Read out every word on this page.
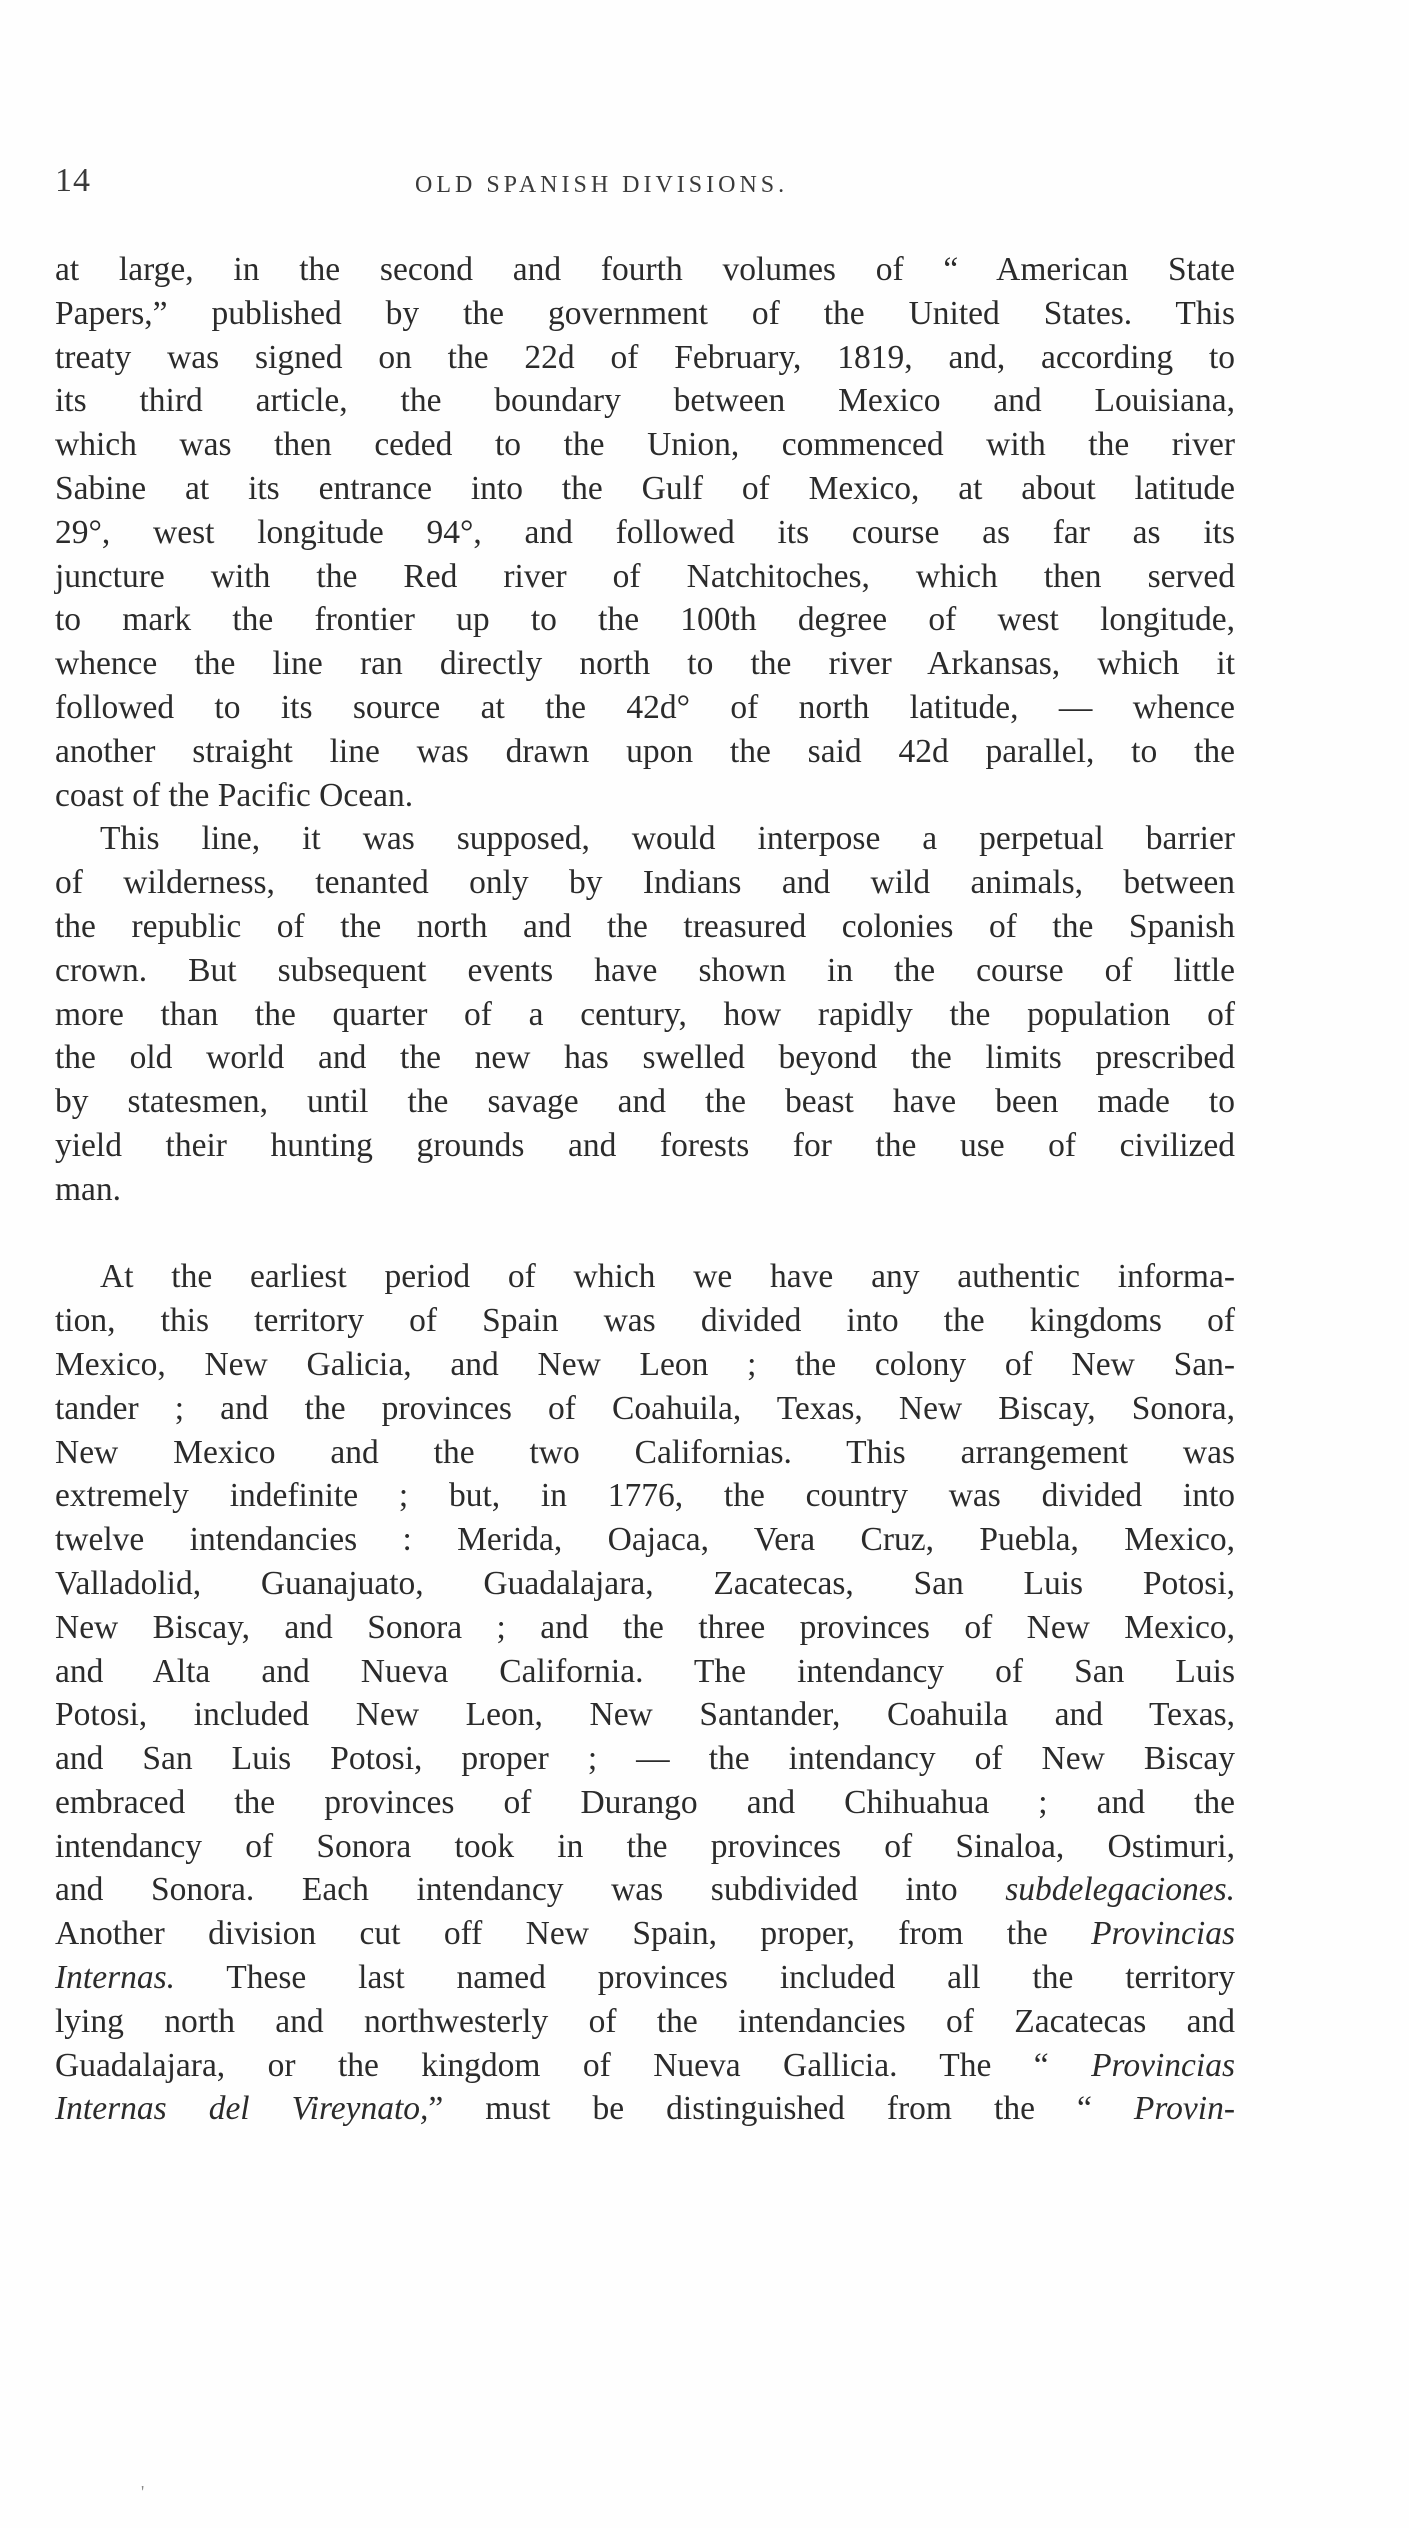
14	OLD SPANISH DIVISIONS.
at large, in the second and fourth volumes of “ American State
Papers,” published by the government of the United States. This
treaty was signed on the 22d of February, 1819, and, according to
its third article, the boundary between Mexico and Louisiana,
which was then ceded to the Union, commenced with the river
Sabine at its entrance into the Gulf of Mexico, at about latitude
29°, west longitude 94°, and followed its course as far as its
juncture with the Red river of Natchitoches, which then served
to mark the frontier up to the 100th degree of west longitude,
whence the line ran directly north to the river Arkansas, which it
followed to its source at the 42d° of north latitude, — whence
another straight line was drawn upon the said 42d parallel, to the
coast of the Pacific Ocean.
This line, it was supposed, would interpose a perpetual barrier
of wilderness, tenanted only by Indians and wild animals, between
the republic of the north and the treasured colonies of the Spanish
crown. But subsequent events have shown in the course of little
more than the quarter of a century, how rapidly the population of
the old world and the new has swelled beyond the limits prescribed
by statesmen, until the savage and the beast have been made to
yield their hunting grounds and forests for the use of civilized
man.
At the earliest period of which we have any authentic informa-
tion, this territory of Spain was divided into the kingdoms of
Mexico, New Galicia, and New Leon ; the colony of New San-
tander ; and the provinces of Coahuila, Texas, New Biscay, Sonora,
New Mexico and the two Californias. This arrangement was
extremely indefinite ; but, in 1776, the country was divided into
twelve intendancies : Merida, Oajaca, Vera Cruz, Puebla, Mexico,
Valladolid, Guanajuato, Guadalajara, Zacatecas, San Luis Potosi,
New Biscay, and Sonora ; and the three provinces of New Mexico,
and Alta and Nueva California. The intendancy of San Luis
Potosi, included New Leon, New Santander, Coahuila and Texas,
and San Luis Potosi, proper ; — the intendancy of New Biscay
embraced the provinces of Durango and Chihuahua ; and the
intendancy of Sonora took in the provinces of Sinaloa, Ostimuri,
and Sonora. Each intendancy was subdivided into subdelegaciones.
Another division cut off New Spain, proper, from the Provincias
Internas. These last named provinces included all the territory
lying north and northwesterly of the intendancies of Zacatecas and
Guadalajara, or the kingdom of Nueva Gallicia. The “ Provincias
Internas del Vireynato,” must be distinguished from the “ Provin-
'
